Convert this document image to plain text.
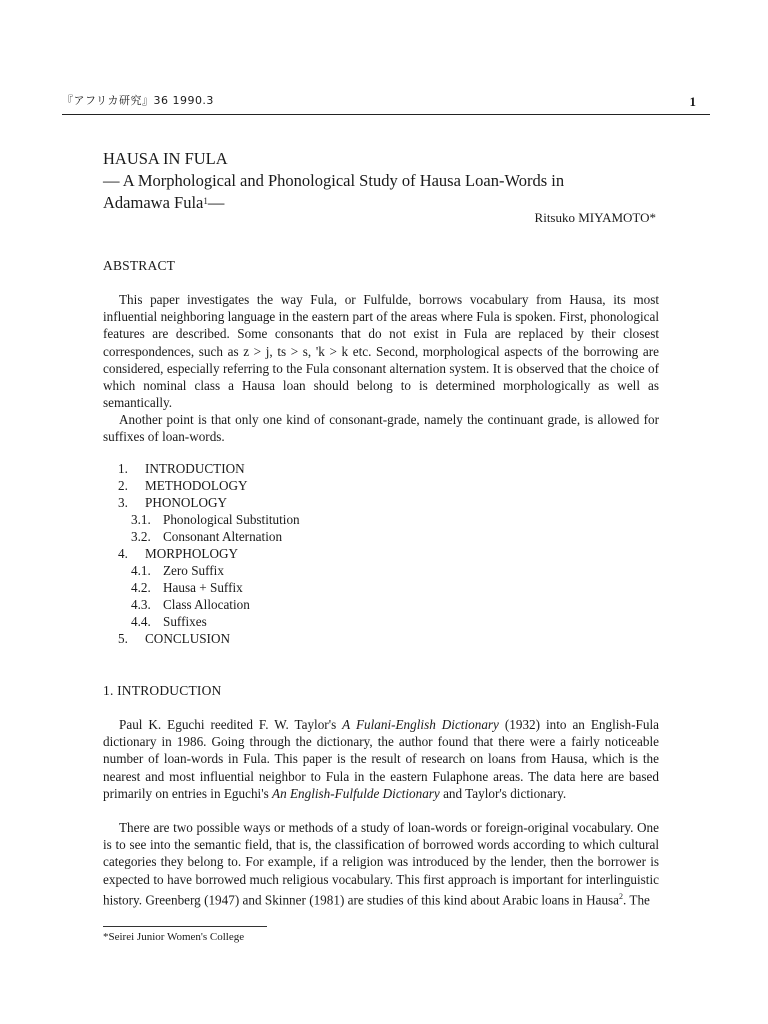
『アフリカ研究』36 1990.3	1
HAUSA IN FULA
— A Morphological and Phonological Study of Hausa Loan-Words in
Adamawa Fula$^1$—
Ritsuko MIYAMOTO*
ABSTRACT

This paper investigates the way Fula, or Fulfulde, borrows vocabulary from Hausa, its most influential neighboring language in the eastern part of the areas where Fula is spoken. First, phonological features are described. Some consonants that do not exist in Fula are replaced by their closest correspondences, such as z > j, ts > s, 'k > k etc. Second, morphological aspects of the borrowing are considered, especially referring to the Fula consonant alternation system. It is observed that the choice of which nominal class a Hausa loan should belong to is determined morphologically as well as semantically.

Another point is that only one kind of consonant-grade, namely the continuant grade, is allowed for suffixes of loan-words.

1. INTRODUCTION
2. METHODOLOGY
3. PHONOLOGY
3.1. Phonological Substitution
3.2. Consonant Alternation
4. MORPHOLOGY
4.1. Zero Suffix
4.2. Hausa + Suffix
4.3. Class Allocation
4.4. Suffixes
5. CONCLUSION
1. INTRODUCTION

Paul K. Eguchi reedited F. W. Taylor's A Fulani-English Dictionary (1932) into an English-Fula dictionary in 1986. Going through the dictionary, the author found that there were a fairly noticeable number of loan-words in Fula. This paper is the result of research on loans from Hausa, which is the nearest and most influential neighbor to Fula in the eastern Fulaphone areas. The data here are based primarily on entries in Eguchi's An English-Fulfulde Dictionary and Taylor's dictionary.

There are two possible ways or methods of a study of loan-words or foreign-original vocabulary. One is to see into the semantic field, that is, the classification of borrowed words according to which cultural categories they belong to. For example, if a religion was introduced by the lender, then the borrower is expected to have borrowed much religious vocabulary. This first approach is important for interlinguistic history. Greenberg (1947) and Skinner (1981) are studies of this kind about Arabic loans in Hausa$^2$. The

*Seirei Junior Women's College
